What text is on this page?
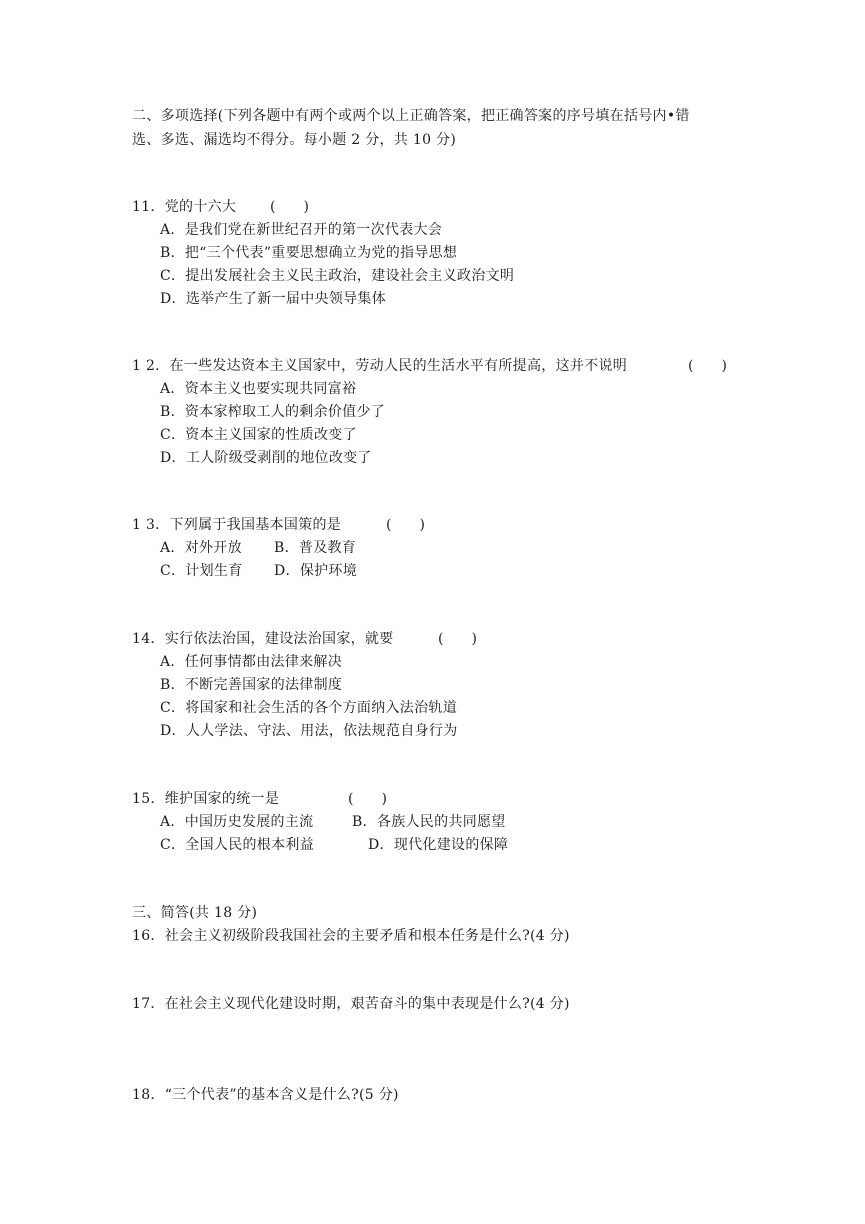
二、多项选择(下列各题中有两个或两个以上正确答案，把正确答案的序号填在括号内•错
选、多选、漏选均不得分。每小题 2 分，共 10 分)
11．党的十六大 (　　)
A．是我们党在新世纪召开的第一次代表大会
B．把“三个代表”重要思想确立为党的指导思想
C．提出发展社会主义民主政治，建设社会主义政治文明
D．选举产生了新一届中央领导集体
1 2．在一些发达资本主义国家中，劳动人民的生活水平有所提高，这并不说明	(　　)
A．资本主义也要实现共同富裕
B．资本家榨取工人的剩余价值少了
C．资本主义国家的性质改变了
D．工人阶级受剥削的地位改变了
1 3．下列属于我国基本国策的是	(　　)
A．对外开放 B．普及教育
C．计划生育 D．保护环境
14．实行依法治国，建设法治国家，就要	(　　)
A．任何事情都由法律来解决
B．不断完善国家的法律制度
C．将国家和社会生活的各个方面纳入法治轨道
D．人人学法、守法、用法，依法规范自身行为
15．维护国家的统一是	(　　)
A．中国历史发展的主流	B．各族人民的共同愿望
C．全国人民的根本利益	D．现代化建设的保障
三、简答(共 18 分)
16．社会主义初级阶段我国社会的主要矛盾和根本任务是什么?(4 分)
17．在社会主义现代化建设时期，艰苦奋斗的集中表现是什么?(4 分)
18．“三个代表”的基本含义是什么?(5 分)
